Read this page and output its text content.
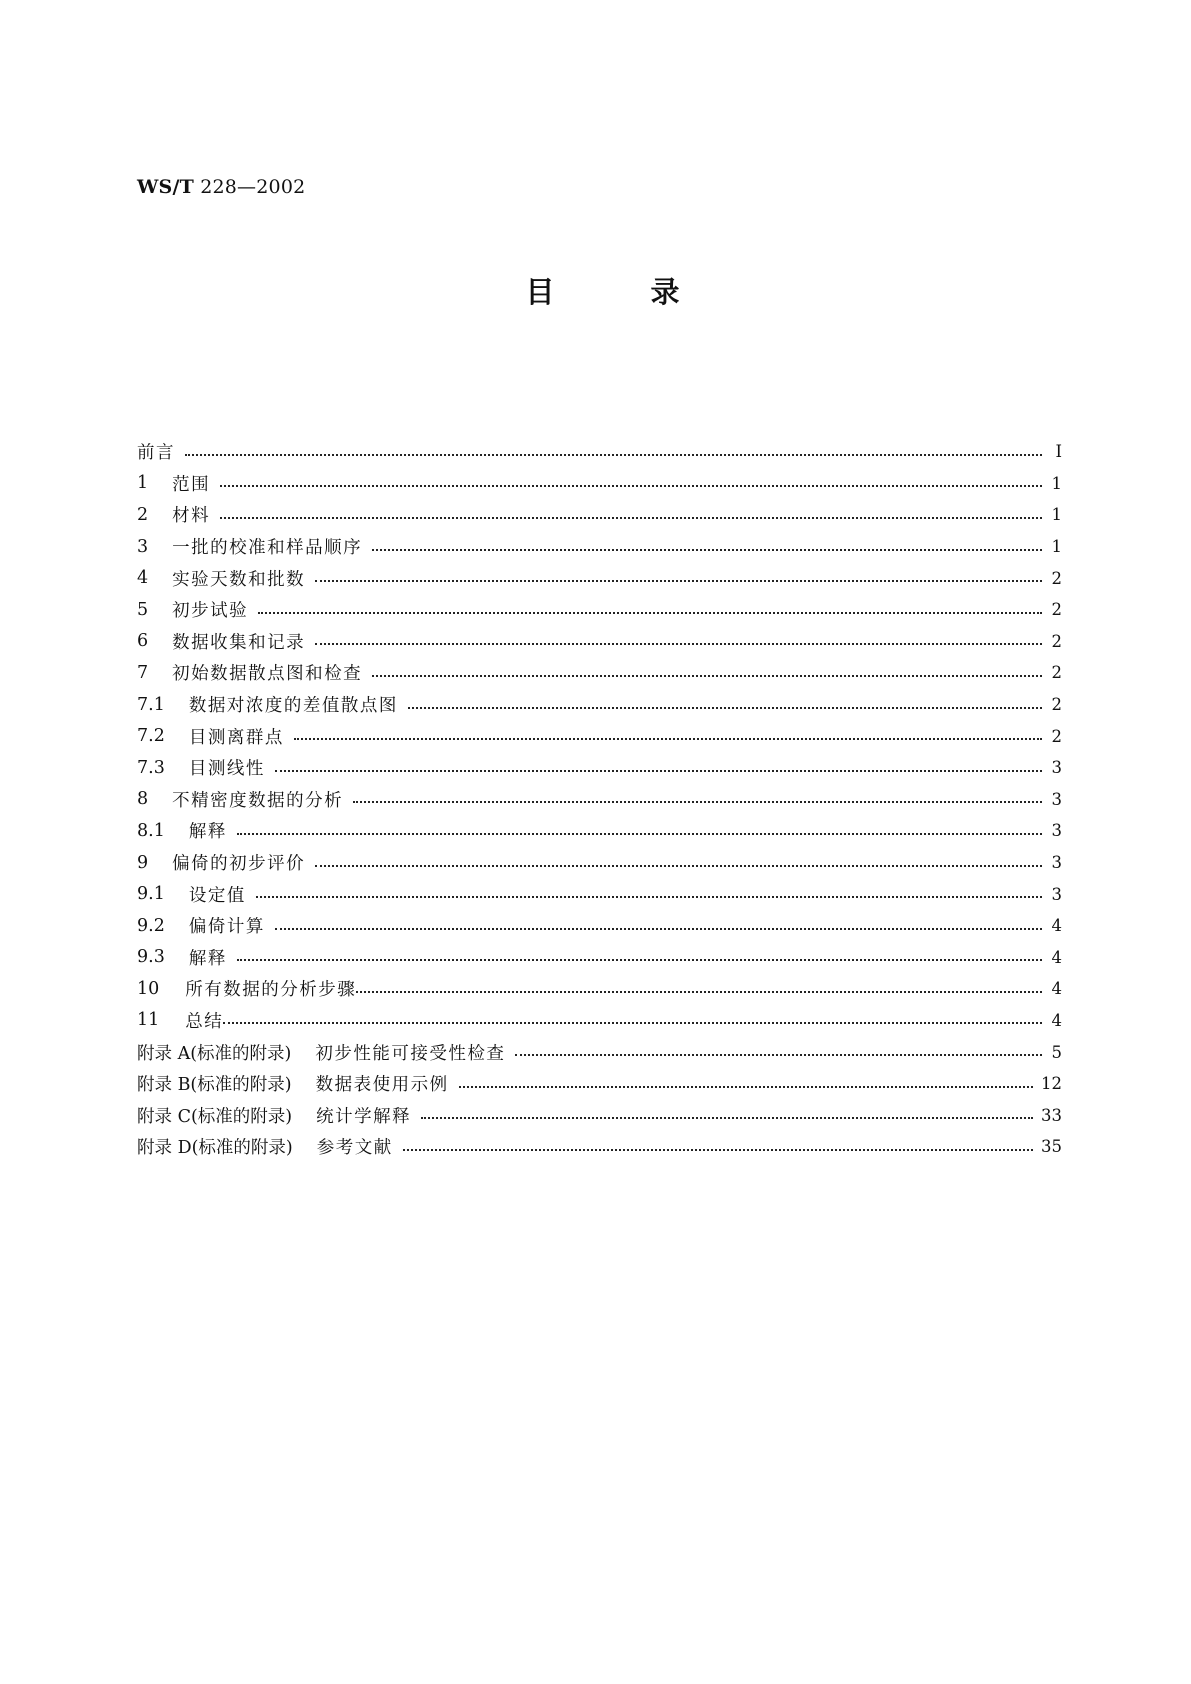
WS/T 228—2002
目录
前言	I
1 范围	1
2 材料	1
3 一批的校准和样品顺序	1
4 实验天数和批数	2
5 初步试验	2
6 数据收集和记录	2
7 初始数据散点图和检查	2
7.1 数据对浓度的差值散点图	2
7.2 目测离群点	2
7.3 目测线性	3
8 不精密度数据的分析	3
8.1 解释	3
9 偏倚的初步评价	3
9.1 设定值	3
9.2 偏倚计算	4
9.3 解释	4
10 所有数据的分析步骤	4
11 总结	4
附录 A(标准的附录) 初步性能可接受性检查	5
附录 B(标准的附录) 数据表使用示例	12
附录 C(标准的附录) 统计学解释	33
附录 D(标准的附录) 参考文献	35
